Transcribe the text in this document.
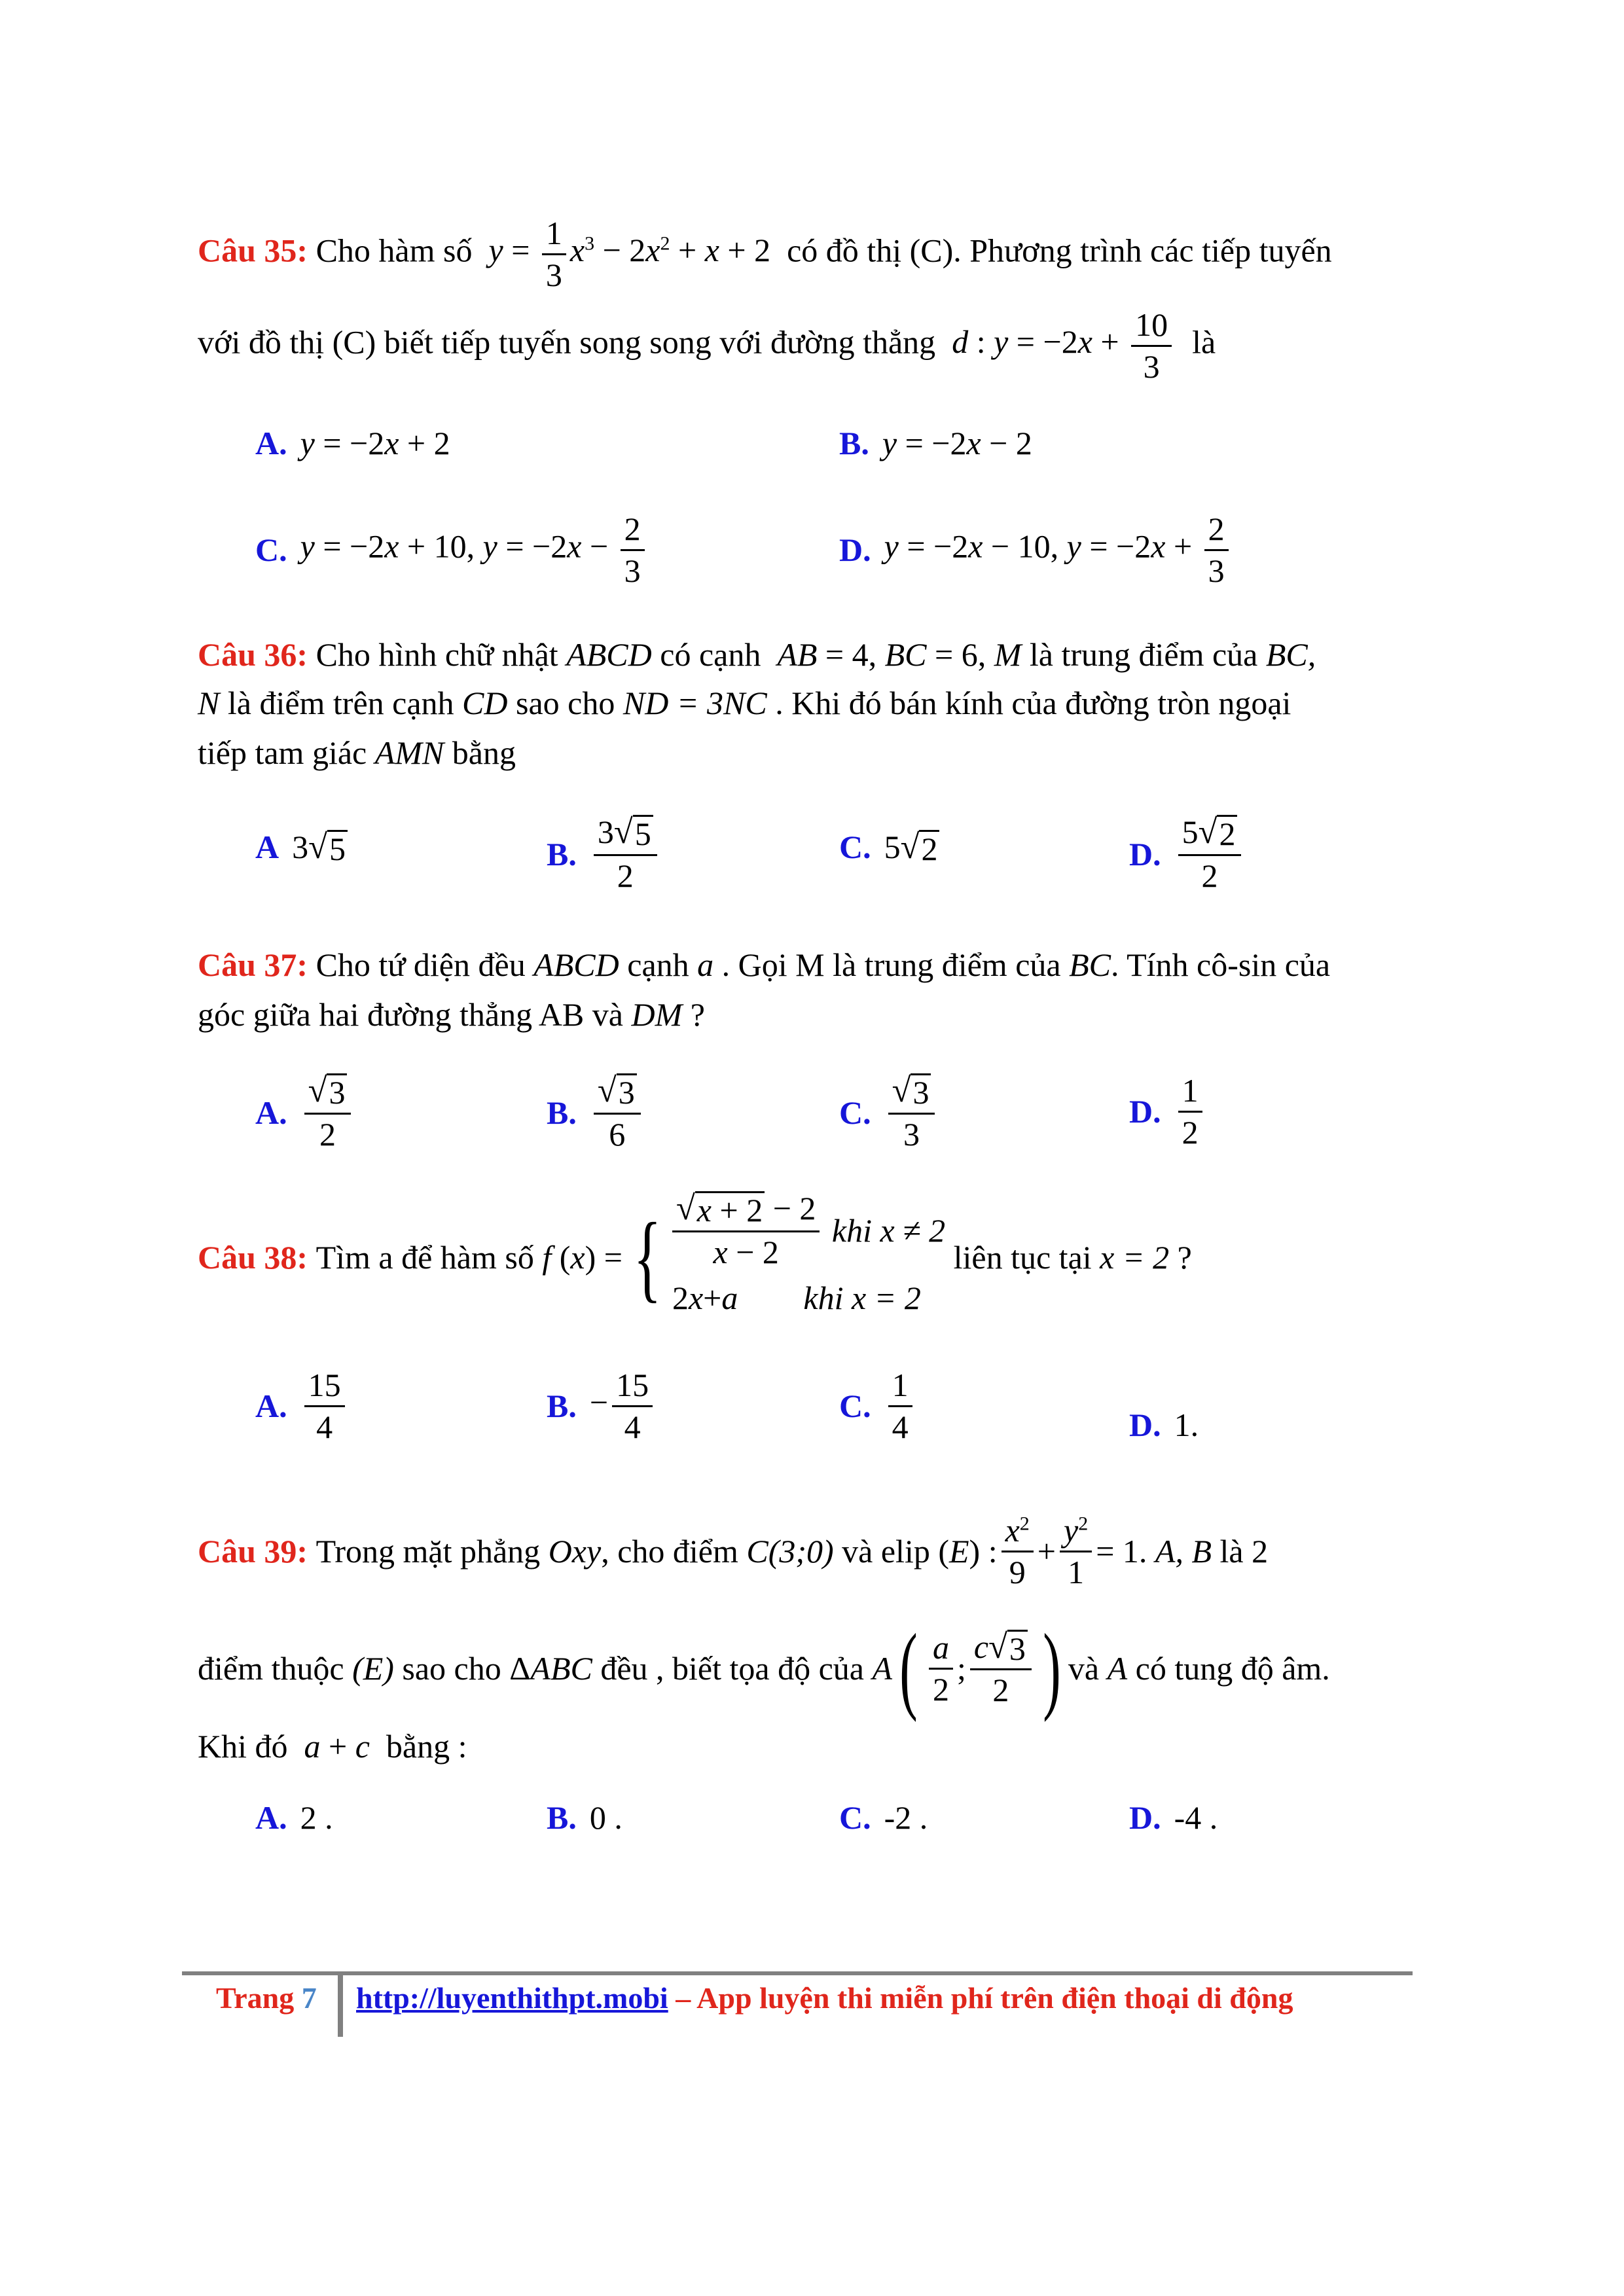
Câu 35: Cho hàm số $y = \frac{1}{3} x^3 - 2x^2 + x + 2$  có đồ thị (C). Phương trình các tiếp tuyến
với đồ thị (C) biết tiếp tuyến song song với đường thẳng d : $y = -2x + \frac{10}{3}$ là
A. y = −2x + 2	B. y = −2x − 2
C. y = −2x + 10, $y = -2x - \frac{2}{3}$	D. y = −2x − 10, $y = -2x + \frac{2}{3}$
Câu 36: Cho hình chữ nhật ABCD có cạnh AB = 4, BC = 6, M là trung điểm của BC,
N là điểm trên cạnh CD sao cho ND = 3NC . Khi đó bán kính của đường tròn ngoại
tiếp tam giác AMN bằng
A 3 √ 5	B. $\frac{3 √ 5}{2}$	C. 5 √ 2	D. $\frac{5 √ 2}{2}$
Câu 37: Cho tứ diện đều ABCD cạnh a . Gọi M là trung điểm của BC. Tính cô-sin của
góc giữa hai đường thẳng AB và DM ?
A. $\frac{√ 3}{2}$	B. $\frac{√ 3}{6}$	C. $\frac{√ 3}{3}$	D. $\frac{1}{2}$
Câu 38:
Tìm a để hàm số
f ( x ) = { $\frac{√ x + 2 - 2}{x - 2}$
khi x ≠ 2
2 x + a
khi x = 2

liên tục tại
x = 2
?
A. $\frac{15}{4}$	B. − $\frac{15}{4}$	C. $\frac{1}{4}$	D. 1.
Câu 39:
Trong mặt phẳng
Oxy , cho điểm
C(3;0)
và elip ( E ) : $\frac{x^2}{9} + \frac{y^2}{1} = 1$ . A, B
là 2
điểm thuộc
(E)
sao cho
ΔABC
đều , biết tọa độ của
A ( $\frac{a}{2}$ ; $\frac{c √ 3}{2}$ ) và
A
có tung độ âm.
Khi đó a + c bằng :
A. 2 .	B. 0 .	C. -2 .	D. -4 .
Trang 7 http://luyenthithpt.mobi – App luyện thi miễn phí trên điện thoại di động
